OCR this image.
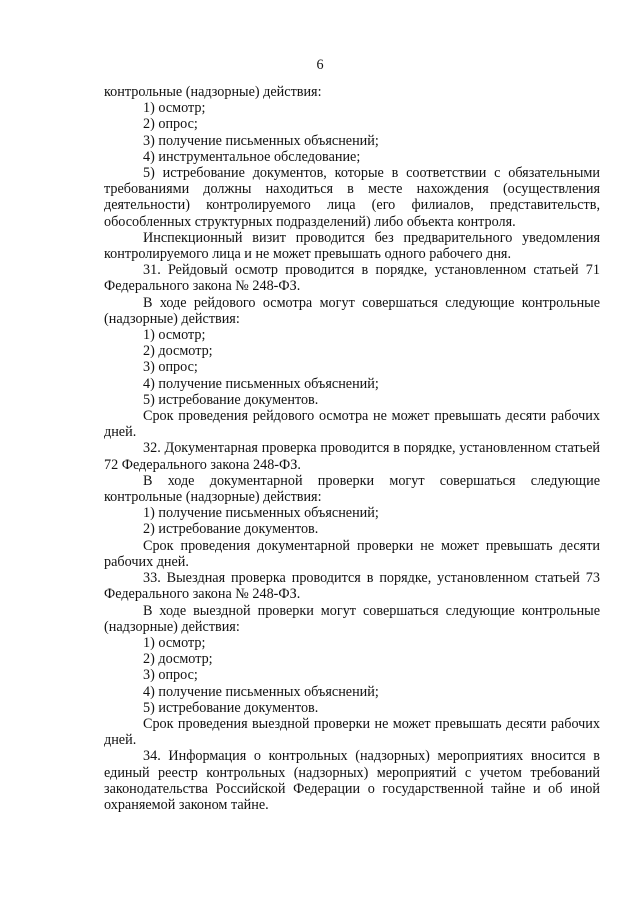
6

контрольные (надзорные) действия:

1) осмотр;

2) опрос;

3) получение письменных объяснений;

4) инструментальное обследование;

5) истребование документов, которые в соответствии с обязательными требованиями должны находиться в месте нахождения (осуществления деятельности) контролируемого лица (его филиалов, представительств, обособленных структурных подразделений) либо объекта контроля.

Инспекционный визит проводится без предварительного уведомления контролируемого лица и не может превышать одного рабочего дня.

31. Рейдовый осмотр проводится в порядке, установленном статьей 71 Федерального закона № 248-ФЗ.

В ходе рейдового осмотра могут совершаться следующие контрольные (надзорные) действия:

1) осмотр;

2) досмотр;

3) опрос;

4) получение письменных объяснений;

5) истребование документов.

Срок проведения рейдового осмотра не может превышать десяти рабочих дней.

32. Документарная проверка проводится в порядке, установленном статьей 72 Федерального закона 248-ФЗ.

В ходе документарной проверки могут совершаться следующие контрольные (надзорные) действия:

1) получение письменных объяснений;

2) истребование документов.

Срок проведения документарной проверки не может превышать десяти рабочих дней.

33. Выездная проверка проводится в порядке, установленном статьей 73 Федерального закона № 248-ФЗ.

В ходе выездной проверки могут совершаться следующие контрольные (надзорные) действия:

1) осмотр;

2) досмотр;

3) опрос;

4) получение письменных объяснений;

5) истребование документов.

Срок проведения выездной проверки не может превышать десяти рабочих дней.

34. Информация о контрольных (надзорных) мероприятиях вносится в единый реестр контрольных (надзорных) мероприятий с учетом требований законодательства Российской Федерации о государственной тайне и об иной охраняемой законом тайне.
